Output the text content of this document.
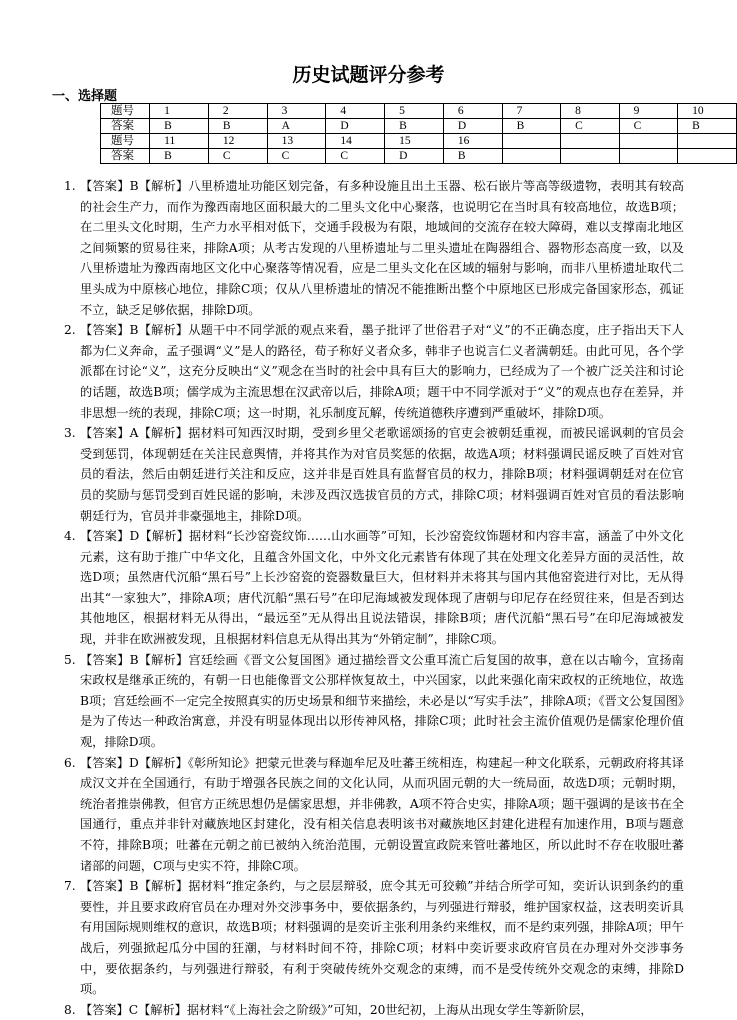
历史试题评分参考
一、选择题
题号	1	2	3	4	5	6	7	8	9	10
答案	B	B	A	D	B	D	B	C	C	B
题号	11	12	13	14	15	16				
答案	B	C	C	C	D	B				
1. 【答案】B【解析】八里桥遗址功能区划完备，有多种设施且出土玉器、松石嵌片等高等级遗物，表明其有较高的社会生产力，而作为豫西南地区面积最大的二里头文化中心聚落，也说明它在当时具有较高地位，故选B项；在二里头文化时期，生产力水平相对低下，交通手段极为有限，地域间的交流存在较大障碍，难以支撑南北地区之间频繁的贸易往来，排除A项；从考古发现的八里桥遗址与二里头遗址在陶器组合、器物形态高度一致，以及八里桥遗址为豫西南地区文化中心聚落等情况看，应是二里头文化在区域的辐射与影响，而非八里桥遗址取代二里头成为中原核心地位，排除C项；仅从八里桥遗址的情况不能推断出整个中原地区已形成完备国家形态，孤证不立，缺乏足够依据，排除D项。
2. 【答案】B【解析】从题干中不同学派的观点来看，墨子批评了世俗君子对“义”的不正确态度，庄子指出天下人都为仁义奔命，孟子强调“义”是人的路径，荀子称好义者众多，韩非子也说言仁义者满朝廷。由此可见，各个学派都在讨论“义”，这充分反映出“义”观念在当时的社会中具有巨大的影响力，已经成为了一个被广泛关注和讨论的话题，故选B项；儒学成为主流思想在汉武帝以后，排除A项；题干中不同学派对于“义”的观点也存在差异，并非思想一统的表现，排除C项；这一时期，礼乐制度瓦解，传统道德秩序遭到严重破坏，排除D项。
3. 【答案】A【解析】据材料可知西汉时期，受到乡里父老歌谣颂扬的官吏会被朝廷重视，而被民谣讽刺的官员会受到惩罚，体现朝廷在关注民意舆情，并将其作为对官员奖惩的依据，故选A项；材料强调民谣反映了百姓对官员的看法，然后由朝廷进行关注和反应，这并非是百姓具有监督官员的权力，排除B项；材料强调朝廷对在位官员的奖励与惩罚受到百姓民谣的影响，未涉及西汉选拔官员的方式，排除C项；材料强调百姓对官员的看法影响朝廷行为，官员并非豪强地主，排除D项。
4. 【答案】D【解析】据材料“长沙窑瓷纹饰……山水画等”可知，长沙窑瓷纹饰题材和内容丰富，涵盖了中外文化元素，这有助于推广中华文化，且蕴含外国文化，中外文化元素皆有体现了其在处理文化差异方面的灵活性，故选D项；虽然唐代沉船“黑石号”上长沙窑瓷的瓷器数量巨大，但材料并未将其与国内其他窑瓷进行对比，无从得出其“一家独大”，排除A项；唐代沉船“黑石号”在印尼海域被发现体现了唐朝与印尼存在经贸往来，但是否到达其他地区，根据材料无从得出，“最远至”无从得出且说法错误，排除B项；唐代沉船“黑石号”在印尼海域被发现，并非在欧洲被发现，且根据材料信息无从得出其为“外销定制”，排除C项。
5. 【答案】B【解析】宫廷绘画《晋文公复国图》通过描绘晋文公重耳流亡后复国的故事，意在以古喻今，宣扬南宋政权是继承正统的，有朝一日也能像晋文公那样恢复故土，中兴国家，以此来强化南宋政权的正统地位，故选B项；宫廷绘画不一定完全按照真实的历史场景和细节来描绘，未必是以“写实手法”，排除A项；《晋文公复国图》是为了传达一种政治寓意，并没有明显体现出以形传神风格，排除C项；此时社会主流价值观仍是儒家伦理价值观，排除D项。
6. 【答案】D【解析】《彰所知论》把蒙元世袭与释迦牟尼及吐蕃王统相连，构建起一种文化联系，元朝政府将其译成汉文并在全国通行，有助于增强各民族之间的文化认同，从而巩固元朝的大一统局面，故选D项；元朝时期，统治者推崇佛教，但官方正统思想仍是儒家思想，并非佛教，A项不符合史实，排除A项；题干强调的是该书在全国通行，重点并非针对藏族地区封建化，没有相关信息表明该书对藏族地区封建化进程有加速作用，B项与题意不符，排除B项；吐蕃在元朝之前已被纳入统治范围，元朝设置宣政院来管吐蕃地区，所以此时不存在收服吐蕃诸部的问题，C项与史实不符，排除C项。
7. 【答案】B【解析】据材料“推定条约，与之层层辩驳，庶令其无可狡赖”并结合所学可知，奕䜣认识到条约的重要性，并且要求政府官员在办理对外交涉事务中，要依据条约，与列强进行辩驳，维护国家权益，这表明奕䜣具有用国际规则维权的意识，故选B项；材料强调的是奕䜣主张利用条约来维权，而不是约束列强，排除A项；甲午战后，列强掀起瓜分中国的狂潮，与材料时间不符，排除C项；材料中奕䜣要求政府官员在办理对外交涉事务中，要依据条约，与列强进行辩驳，有利于突破传统外交观念的束缚，而不是受传统外交观念的束缚，排除D项。
8. 【答案】C【解析】据材料“《上海社会之阶级》”可知，20世纪初，上海从出现女学生等新阶层，
